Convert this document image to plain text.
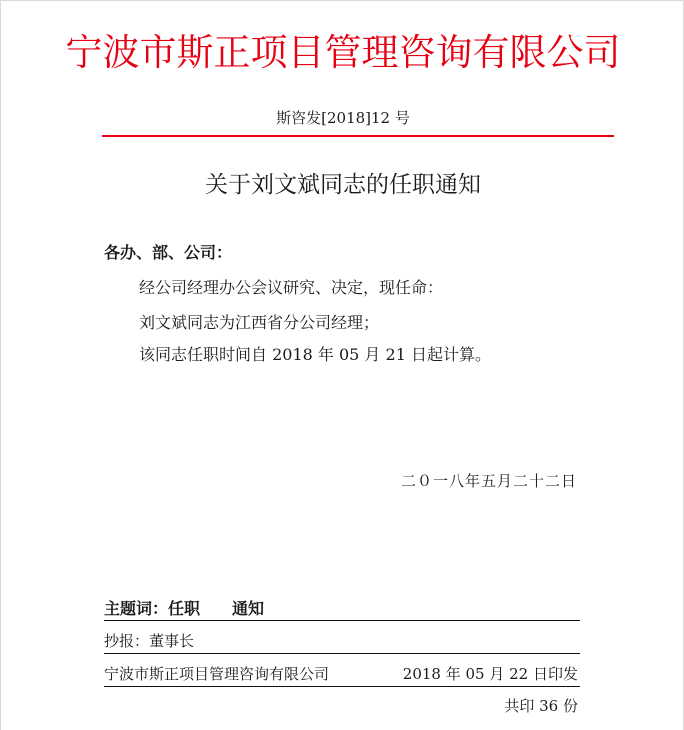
宁波市斯正项目管理咨询有限公司
斯咨发[2018]12 号
关于刘文斌同志的任职通知
各办、部、公司：
经公司经理办公会议研究、决定，现任命：
刘文斌同志为江西省分公司经理；
该同志任职时间自 2018 年 05 月 21 日起计算。
二０一八年五月二十二日
主题词：任职 通知
抄报：董事长
宁波市斯正项目管理咨询有限公司	2018 年 05 月 22 日印发
共印 36 份
